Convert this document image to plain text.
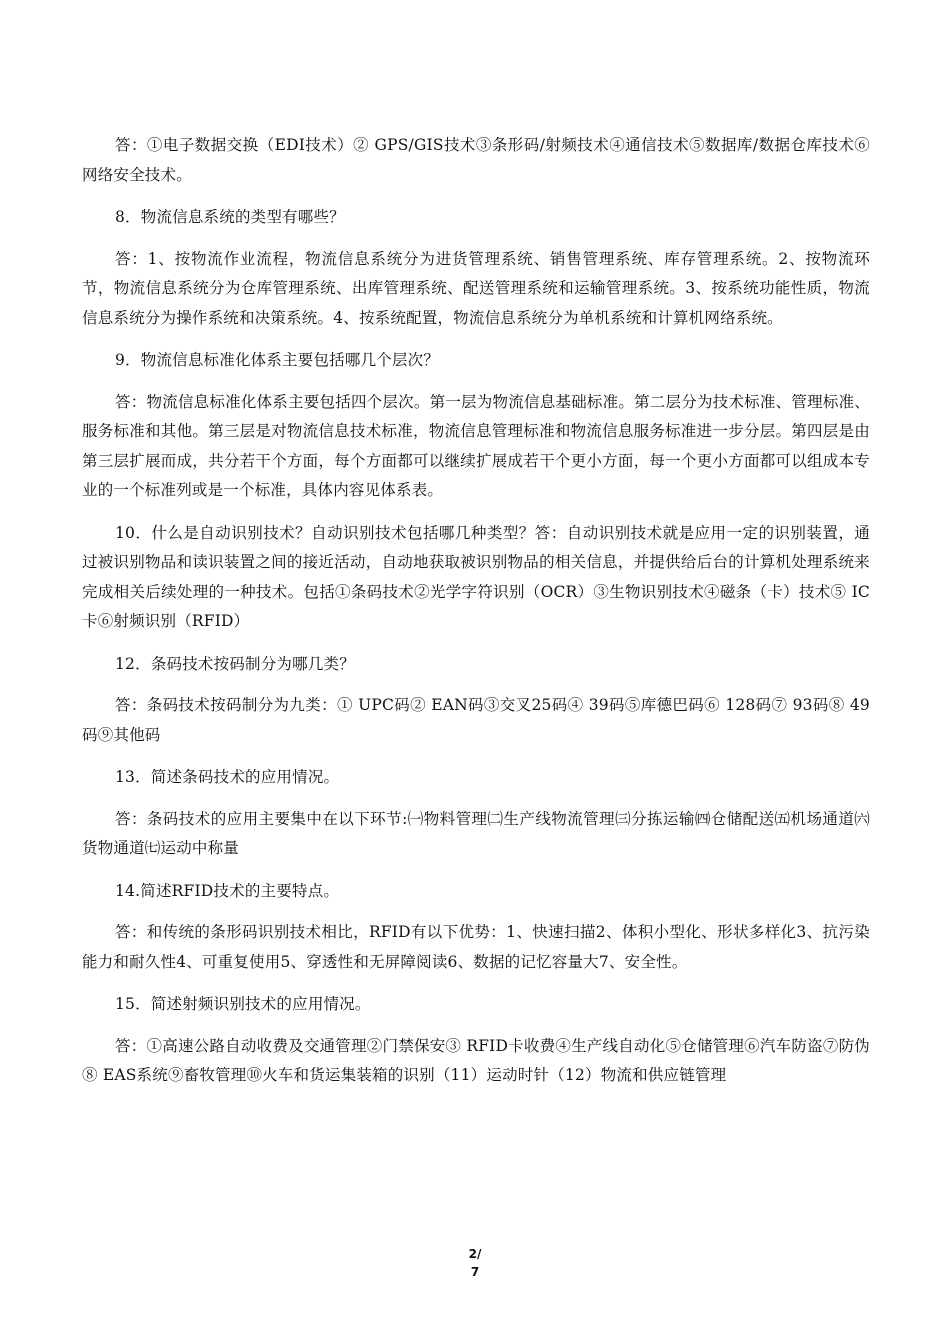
答：①电子数据交换（EDI技术）② GPS/GIS技术③条形码/射频技术④通信技术⑤数据库/数据仓库技术⑥网络安全技术。

8．物流信息系统的类型有哪些？

答：1、按物流作业流程，物流信息系统分为进货管理系统、销售管理系统、库存管理系统。2、按物流环节，物流信息系统分为仓库管理系统、出库管理系统、配送管理系统和运输管理系统。3、按系统功能性质，物流信息系统分为操作系统和决策系统。4、按系统配置，物流信息系统分为单机系统和计算机网络系统。

9．物流信息标准化体系主要包括哪几个层次？

答：物流信息标准化体系主要包括四个层次。第一层为物流信息基础标准。第二层分为技术标准、管理标准、服务标准和其他。第三层是对物流信息技术标准，物流信息管理标准和物流信息服务标准进一步分层。第四层是由第三层扩展而成，共分若干个方面，每个方面都可以继续扩展成若干个更小方面，每一个更小方面都可以组成本专业的一个标准列或是一个标准，具体内容见体系表。

10．什么是自动识别技术？自动识别技术包括哪几种类型？答：自动识别技术就是应用一定的识别装置，通过被识别物品和读识装置之间的接近活动，自动地获取被识别物品的相关信息，并提供给后台的计算机处理系统来完成相关后续处理的一种技术。包括①条码技术②光学字符识别（OCR）③生物识别技术④磁条（卡）技术⑤ IC卡⑥射频识别（RFID）

12．条码技术按码制分为哪几类？

答：条码技术按码制分为九类：① UPC码② EAN码③交叉25码④ 39码⑤库德巴码⑥ 128码⑦ 93码⑧ 49码⑨其他码

13．简述条码技术的应用情况。

答：条码技术的应用主要集中在以下环节:㈠物料管理㈡生产线物流管理㈢分拣运输㈣仓储配送㈤机场通道㈥货物通道㈦运动中称量

14.简述RFID技术的主要特点。

答：和传统的条形码识别技术相比，RFID有以下优势：1、快速扫描2、体积小型化、形状多样化3、抗污染能力和耐久性4、可重复使用5、穿透性和无屏障阅读6、数据的记忆容量大7、安全性。

15．简述射频识别技术的应用情况。

答：①高速公路自动收费及交通管理②门禁保安③ RFID卡收费④生产线自动化⑤仓储管理⑥汽车防盗⑦防伪⑧ EAS系统⑨畜牧管理⑩火车和货运集装箱的识别（11）运动时针（12）物流和供应链管理

2/
7
